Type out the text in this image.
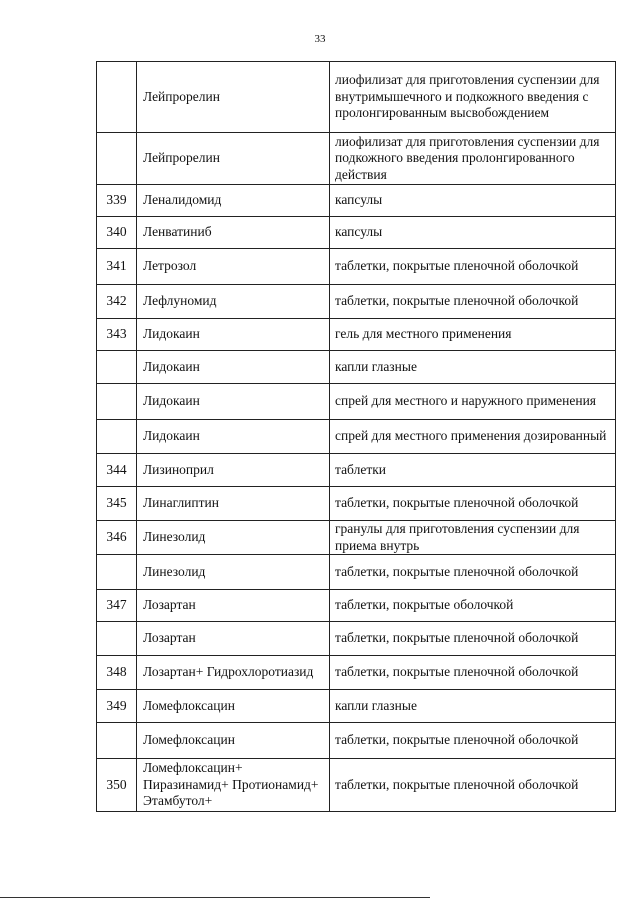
33
	Лейпрорелин	лиофилизат для приготовления суспензии для внутримышечного и подкожного введения с пролонгированным высвобождением
	Лейпрорелин	лиофилизат для приготовления суспензии для подкожного введения пролонгированного действия
339	Леналидомид	капсулы
340	Ленватиниб	капсулы
341	Летрозол	таблетки, покрытые пленочной оболочкой
342	Лефлуномид	таблетки, покрытые пленочной оболочкой
343	Лидокаин	гель для местного применения
	Лидокаин	капли глазные
	Лидокаин	спрей для местного и наружного применения
	Лидокаин	спрей для местного применения дозированный
344	Лизиноприл	таблетки
345	Линаглиптин	таблетки, покрытые пленочной оболочкой
346	Линезолид	гранулы для приготовления суспензии для приема внутрь
	Линезолид	таблетки, покрытые пленочной оболочкой
347	Лозартан	таблетки, покрытые оболочкой
	Лозартан	таблетки, покрытые пленочной оболочкой
348	Лозартан+ Гидрохлоротиазид	таблетки, покрытые пленочной оболочкой
349	Ломефлоксацин	капли глазные
	Ломефлоксацин	таблетки, покрытые пленочной оболочкой
350	Ломефлоксацин+ Пиразинамид+ Протионамид+ Этамбутол+	таблетки, покрытые пленочной оболочкой
